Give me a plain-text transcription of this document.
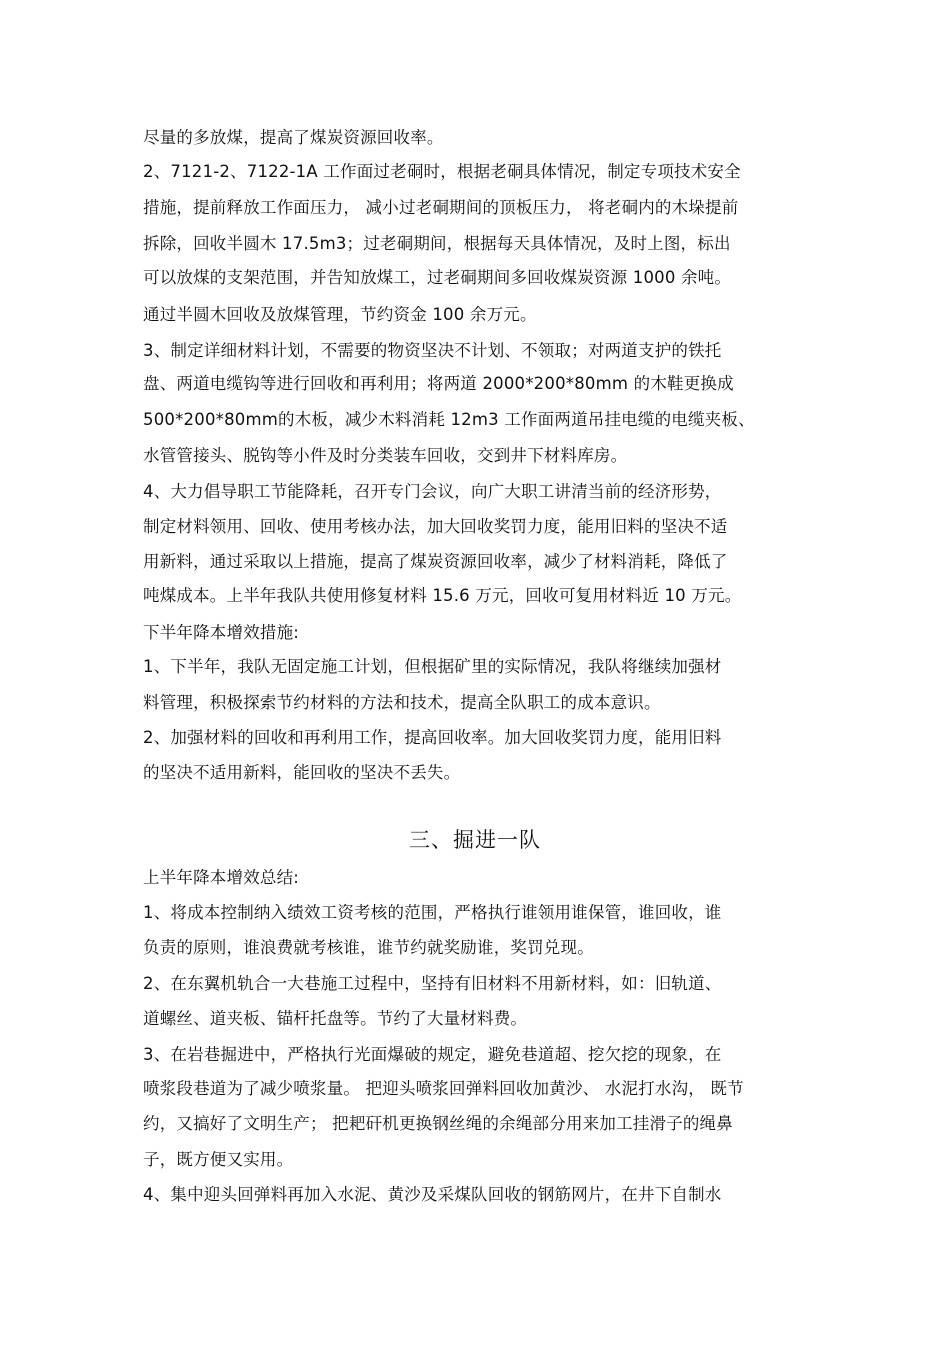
尽量的多放煤，提高了煤炭资源回收率。
2、7121-2、7122-1A 工作面过老硐时，根据老硐具体情况，制定专项技术安全
措施，提前释放工作面压力， 减小过老硐期间的顶板压力， 将老硐内的木垛提前
拆除，回收半圆木 17.5m3；过老硐期间，根据每天具体情况，及时上图，标出
可以放煤的支架范围，并告知放煤工，过老硐期间多回收煤炭资源 1000 余吨。
通过半圆木回收及放煤管理，节约资金 100 余万元。
3、制定详细材料计划，不需要的物资坚决不计划、不领取；对两道支护的铁托
盘、两道电缆钩等进行回收和再利用；将两道 2000*200*80mm 的木鞋更换成
500*200*80mm的木板，减少木料消耗 12m3 工作面两道吊挂电缆的电缆夹板、
水管管接头、脱钩等小件及时分类装车回收，交到井下材料库房。
4、大力倡导职工节能降耗，召开专门会议，向广大职工讲清当前的经济形势，
制定材料领用、回收、使用考核办法，加大回收奖罚力度，能用旧料的坚决不适
用新料，通过采取以上措施，提高了煤炭资源回收率，减少了材料消耗，降低了
吨煤成本。上半年我队共使用修复材料 15.6 万元，回收可复用材料近 10 万元。
下半年降本增效措施:
1、下半年，我队无固定施工计划，但根据矿里的实际情况，我队将继续加强材
料管理，积极探索节约材料的方法和技术，提高全队职工的成本意识。
2、加强材料的回收和再利用工作，提高回收率。加大回收奖罚力度，能用旧料
的坚决不适用新料，能回收的坚决不丢失。
三、掘进一队
上半年降本增效总结:
1、将成本控制纳入绩效工资考核的范围，严格执行谁领用谁保管，谁回收，谁
负责的原则，谁浪费就考核谁，谁节约就奖励谁，奖罚兑现。
2、在东翼机轨合一大巷施工过程中，坚持有旧材料不用新材料，如：旧轨道、
道螺丝、道夹板、锚杆托盘等。节约了大量材料费。
3、在岩巷掘进中，严格执行光面爆破的规定，避免巷道超、挖欠挖的现象，在
喷浆段巷道为了减少喷浆量。 把迎头喷浆回弹料回收加黄沙、 水泥打水沟， 既节
约，又搞好了文明生产； 把耙矸机更换钢丝绳的余绳部分用来加工挂滑子的绳鼻
子，既方便又实用。
4、集中迎头回弹料再加入水泥、黄沙及采煤队回收的钢筋网片，在井下自制水
